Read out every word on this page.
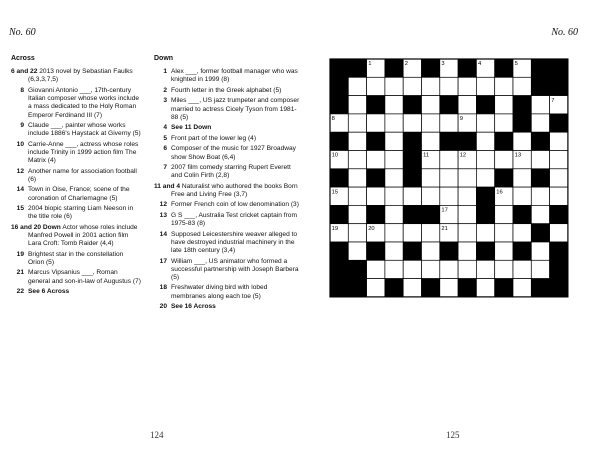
No. 60	No. 60
Across
6 and 22 2013 novel by Sebastian Faulks (6,3,3,7,5)
8 Giovanni Antonio ___, 17th-century Italian composer whose works include a mass dedicated to the Holy Roman Emperor Ferdinand III (7)
9 Claude ___, painter whose works include 1886's Haystack at Giverny (5)
10 Carrie-Anne ___, actress whose roles include Trinity in 1999 action film The Matrix (4)
12 Another name for association football (6)
14 Town in Oise, France; scene of the coronation of Charlemagne (5)
15 2004 biopic starring Liam Neeson in the title role (6)
16 and 20 Down Actor whose roles include Manfred Powell in 2001 action film Lara Croft: Tomb Raider (4,4)
19 Brightest star in the constellation Orion (5)
21 Marcus Vipsanius ___, Roman general and son-in-law of Augustus (7)
22 See 6 Across
Down
1 Alex ___, former football manager who was knighted in 1999 (8)
2 Fourth letter in the Greek alphabet (5)
3 Miles ___, US jazz trumpeter and composer married to actress Cicely Tyson from 1981-88 (5)
4 See 11 Down
5 Front part of the lower leg (4)
6 Composer of the music for 1927 Broadway show Show Boat (6,4)
7 2007 film comedy starring Rupert Everett and Colin Firth (2,8)
11 and 4 Naturalist who authored the books Born Free and Living Free (3,7)
12 Former French coin of low denomination (3)
13 G S ___, Australia Test cricket captain from 1975-83 (8)
14 Supposed Leicestershire weaver alleged to have destroyed industrial machinery in the late 18th century (3,4)
17 William ___, US animator who formed a successful partnership with Joseph Barbera (5)
18 Freshwater diving bird with lobed membranes along each toe (5)
20 See 16 Across
1	2	3	4	5
6
7
8	9
10	11	12	13
14
15	16
17	18
19	20	21
22
124	125
